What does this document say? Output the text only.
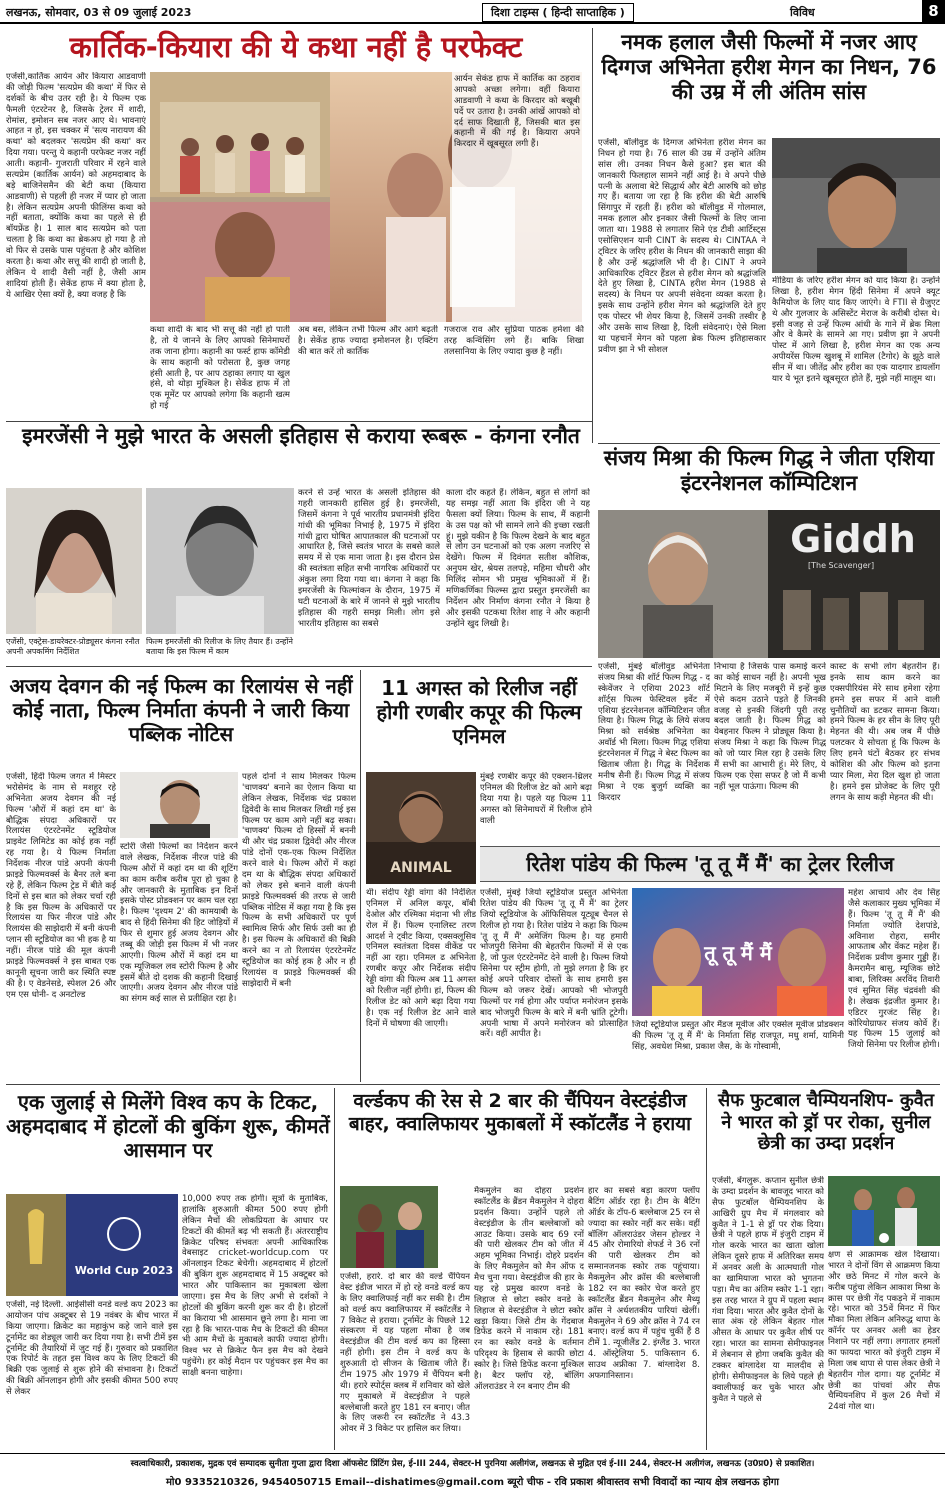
लखनऊ, सोमवार, 03 से 09 जुलाई 2023	दिशा टाइम्स ( हिन्दी साप्ताहिक )	विविध	8
कार्तिक-कियारा की ये कथा नहीं है परफेक्ट
एजेंसी,कार्तिक आर्यन और कियारा आडवाणी की जोड़ी फिल्म 'सत्यप्रेम की कथा' में फिर से दर्शकों के बीच उतर रही है। ये फिल्म एक फैमली एंटरटेनर है, जिसके ट्रेलर में शादी, रोमांस, इमोशन सब नजर आए थे। भावनाएं आहत न हो, इस चक्कर में 'सत्य नारायण की कथा' को बदलकर 'सत्यप्रेम की कथा' कर दिया गया। परन्तु ये कहानी परफेक्ट नजर नहीं आती। कहानी- गुजराती परिवार में रहने वाले सत्यप्रेम (कार्तिक आर्यन) को अहमदाबाद के बड़े बाजिनेसमैन की बेटी कथा (कियारा आडवाणी) से पहली ही नजर में प्यार हो जाता है। लेकिन सत्यप्रेम अपनी फीलिंग्स कथा को नहीं बताता, क्योंकि कथा का पहले से ही बॉयफ्रेंड है। 1 साल बाद सत्यप्रेम को पता चलता है कि कथा का ब्रेकअप हो गया है तो वो फिर से उसके पास पहुंचता है और कोशिश करता है। कथा और सत्तू की शादी हो जाती है, लेकिन ये शादी वैसी नहीं है, जैसी आम शादियां होती हैं। सेकेंड हाफ में क्या होता है, ये आखिर ऐसा क्यों है, क्या वजह है कि
कथा शादी के बाद भी सत्तू की नहीं हो पाती है, तो ये जानने के लिए आपको सिनेमाघरों तक जाना होगा। कहानी का फर्स्ट हाफ कॉमेडी के साथ कहानी को परोसता है, कुछ जगह हंसी आती है, पर आप ठहाका लगाए या खुल हंसे, वो थोड़ा मुश्किल है। सेकेंड हाफ में तो एक मूमेंट पर आपको लगेगा कि कहानी खत्म हो गई
अब बस, लेकिन तभी फिल्म और आगे बढ़ती है। सेकेंड हाफ ज्यादा इमोशनल है। एक्टिंग की बात करें तो कार्तिक
आर्यन सेकंड हाफ में कार्तिक का ठहराव आपको अच्छा लगेगा। वहीं कियारा आडवाणी ने कथा के किरदार को बखूबी पर्दे पर उतारा है। उनकी आंखें आपको वो दर्द साफ दिखाती हैं, जिसकी बात इस कहानी में की गई है। कियारा अपने किरदार में खूबसूरत लगी हैं।
गजराज राव और सुप्रिया पाठक हमेशा की तरह कन्विंसिंग लगे हैं। बाकि शिखा तलसानिया के लिए ज्यादा कुछ है नहीं।
नमक हलाल जैसी फिल्मों में नजर आए दिग्गज अभिनेता हरीश मेगन का निधन, 76 की उम्र में ली अंतिम सांस
एजेंसी, बॉलीवुड के दिग्गज अभिनेता हरीश मेगन का निधन हो गया है। 76 साल की उम्र में उन्होंने अंतिम सांस ली। उनका निधन कैसे हुआ? इस बात की जानकारी फिलहाल सामने नहीं आई है। वे अपने पीछे पत्नी के अलावा बेटे सिद्धार्थ और बेटी आरुषि को छोड़ गए हैं। बताया जा रहा है कि हरीश की बेटी आरुषि सिंगापुर में रहती हैं। हरीश को बॉलीवुड में गोलमाल, नमक हलाल और इनकार जैसी फिल्मों के लिए जाना जाता था। 1988 से लगातार सिने एंड टीवी आर्टिस्ट्स एसोसिएशन यानी CINT के सदस्य थे। CINTAA ने ट्विटर के जरिए हरीश के निधन की जानकारी साझा की है और उन्हें श्रद्धांजलि भी दी है। CINT ने अपने आधिकारिक ट्विटर हैंडल से हरीश मेगन को श्रद्धांजलि देते हुए लिखा है, CINTA हरीश मेगन (1988 से सदस्य) के निधन पर अपनी संवेदना व्यक्त करता है। इसके साथ उन्होंने हरीश मेगन को श्रद्धांजलि देते हुए एक पोस्टर भी शेयर किया है, जिसमें उनकी तस्वीर है और उसके साथ लिखा है, दिली संवेदनाएं। ऐसे मिला था पहचानें मेगन को पहला ब्रेक फिल्म इतिहासकार प्रवीण झा ने भी सोशल
मीडिया के जरिए हरीश मेगन को याद किया है। उन्होंने लिखा है, हरीश मेगन हिंदी सिनेमा में अपने क्यूट कैमियोज के लिए याद किए जाएंगे। वे FTII से ग्रैजुएट थे और गुलजार के असिस्टेंट मेराज के करीबी दोस्त थे। इसी वजह से उन्हें फिल्म आंधी के गाने में ब्रेक मिला और वे कैमरे के सामने आ गए। प्रवीण झा ने अपनी पोस्ट में आगे लिखा है, हरीश मेगन का एक अन्य अपीयरेंस फिल्म खुशबू में शामिल (टैगोर) के झूठे वाले सीन में था। जीतेंद्र और हरीश का एक यादगार डायलॉग यार ये भूत इतने खूबसूरत होते हैं, मुझे नहीं मालूम था।
इमरजेंसी ने मुझे भारत के असली इतिहास से कराया रूबरू - कंगना रनौत
एजेंसी, एक्ट्रेस-डायरेक्टर-प्रोड्यूसर कंगना रनौत अपनी अपकमिंग निर्देशित
फिल्म इमरजेंसी की रिलीज के लिए तैयार हैं। उन्होंने बताया कि इस फिल्म में काम
करने से उन्हें भारत के असली इतिहास की गहरी जानकारी हासिल हुई है। इमरजेंसी, जिसमें कंगना ने पूर्व भारतीय प्रधानमंत्री इंदिरा गांधी की भूमिका निभाई है, 1975 में इंदिरा गांधी द्वारा घोषित आपातकाल की घटनाओं पर आधारित है, जिसे स्वतंत्र भारत के सबसे काले समय में से एक माना जाता है। इस दौरान प्रेस की स्वतंत्रता सहित सभी नागरिक अधिकारों पर अंकुश लगा दिया गया था। कंगना ने कहा कि इमरजेंसी के फिल्मांकन के दौरान, 1975 में घटी घटनाओं के बारे में जानने से मुझे भारतीय इतिहास की गहरी समझ मिली। लोग इसे भारतीय इतिहास का सबसे
काला दौर कहते हैं। लेकिन, बहुत से लोगों को यह समझ नहीं आता कि इंदिरा जी ने यह फैसला क्यों लिया। फिल्म के साथ, मैं कहानी के उस पक्ष को भी सामने लाने की इच्छा रखती हूं। मुझे यकीन है कि फिल्म देखने के बाद बहुत से लोग उन घटनाओं को एक अलग नजरिए से देखेंगे। फिल्म में दिवंगत सतीश कौशिक, अनुपम खेर, श्रेयस तलपड़े, महिमा चौधरी और मिलिंद सोमन भी प्रमुख भूमिकाओं में हैं। मणिकर्णिका फिल्म्स द्वारा प्रस्तुत इमरजेंसी का निर्देशन और निर्माण कंगना रनौत ने किया है और इसकी पटकथा रितेश शाह ने और कहानी उन्होंने खुद लिखी है।
संजय मिश्रा की फिल्म गिद्ध ने जीता एशिया इंटरनेशनल कॉम्पिटिशन
Giddh
[The Scavenger]
एजेंसी, मुंबई बॉलीवुड अभिनेता संजय मिश्रा की शॉर्ट फिल्म गिद्ध - द स्केवेंजर ने एशिया 2023 शॉर्ट शॉर्ट्स फिल्म फेस्टिवल इवेंट में एशिया इंटरनेशनल कॉम्पिटिशन जीत लिया है। फिल्म गिद्ध के लिये संजय मिश्रा को सर्वश्रेष्ठ अभिनेता का अवॉर्ड भी मिला। फिल्म गिद्ध एशिया इंटरनेशनल में गिद्ध ने बेस्ट फिल्म का खिताब जीता है। गिद्ध के निर्देशक मनीष सैनी हैं। फिल्म गिद्ध में संजय मिश्रा ने एक बुजुर्ग व्यक्ति का किरदार
निभाया है जिसके पास कमाई करने का कोई साधन नहीं है। अपनी भूख मिटाने के लिए मजबूरी में इन्हें कुछ ऐसे कदम उठाने पड़ते हैं जिनकी वजह से इनकी जिंदगी पूरी तरह बदल जाती है। फिल्म गिद्ध को येबहनार फिल्म ने प्रोड्यूस किया है। संजय मिश्रा ने कहा कि फिल्म गिद्ध को जो प्यार मिल रहा है उसके लिए मैं सभी का आभारी हूं। मेरे लिए, ये फिल्म एक ऐसा सफर है जो मैं कभी नहीं भूल पाऊंगा। फिल्म की
कास्ट के सभी लोग बेहतरीन हैं। इनके साथ काम करने का एक्सपीरियंस मेरे साथ हमेशा रहेगा हमने इस सफर में आने वाली चुनौतियों का डटकर सामना किया। हमने फिल्म के हर सीन के लिए पूरी मेहनत की थी। अब जब मैं पीछे पलटकर ये सोचता हूं कि फिल्म के लिए हमने घंटों बैठकर हर संभव कोशिश की और फिल्म को इतना प्यार मिला, मेरा दिल खुश हो जाता है। हमने इस प्रोजेक्ट के लिए पूरी लगन के साथ कड़ी मेहनत की थी।
अजय देवगन की नई फिल्म का रिलायंस से नहीं कोई नाता, फिल्म निर्माता कंपनी ने जारी किया पब्लिक नोटिस
एजेंसी, हिंदी फिल्म जगत में मिस्टर भरोसेमंद के नाम से मशहूर रहे अभिनेता अजय देवगन की नई फिल्म 'औरों में कहां दम था' के बौद्धिक संपदा अधिकारों पर रिलायंस एंटरटेनमेंट स्टूडियोज प्राइवेट लिमिटेड का कोई हक नहीं रह गया है। ये फिल्म निर्माता निर्देशक नीरज पांडे अपनी कंपनी फ्राइडे फिल्मवर्क्स के बैनर तले बना रहे हैं, लेकिन फिल्म ट्रेड में बीते कई दिनों से इस बात को लेकर चर्चा रही है कि इस फिल्म के अधिकारों पर रिलायंस या फिर नीरज पांडे और रिलायंस की साझेदारी में बनी कंपनी प्लान सी स्टूडियोज का भी हक है या नहीं। नीरज पांडे की मूल कंपनी फ्राइडे फिल्मवर्क्स ने इस बाबत एक कानूनी सूचना जारी कर स्थिति स्पष्ट की है। ए वेडनेसडे, स्पेशल 26 और एम एस धोनी- द अनटोल्ड
स्टोरी जैसी फिल्मों का निर्देशन करने वाले लेखक, निर्देशक नीरज पांडे की फिल्म औरों में कहां दम था की शूटिंग का काम करीब करीब पूरा हो चुका है और जानकारी के मुताबिक इन दिनों इसके पोस्ट प्रोडक्शन पर काम चल रहा है। फिल्म 'दृश्यम 2' की कामयाबी के बाद से हिंदी सिनेमा की हिट जोड़ियों में फिर से शुमार हुई अजय देवगन और तब्बू की जोड़ी इस फिल्म में भी नजर आएगी। फिल्म औरों में कहां दम था एक म्यूजिकल लव स्टोरी फिल्म है और इसमें बीते दो दशक की कहानी दिखाई जाएगी। अजय देवगन और नीरज पांडे का संगम कई साल से प्रतीक्षित रहा है।
पहले दोनों ने साथ मिलकर फिल्म 'चाणक्य' बनाने का ऐलान किया था लेकिन लेखक, निर्देशक चंद्र प्रकाश द्विवेदी के साथ मिलकर लिखी गई इस फिल्म पर काम आगे नहीं बढ़ सका। 'चाणक्य' फिल्म दो हिस्सों में बननी थी और चंद्र प्रकाश द्विवेदी और नीरज पांडे दोनों एक-एक फिल्म निर्देशित करने वाले थे। फिल्म औरों में कहां दम था के बौद्धिक संपदा अधिकारों को लेकर इसे बनाने वाली कंपनी फ्राइडे फिल्मवर्क्स की तरफ से जारी पब्लिक नोटिस में कहा गया है कि इस फिल्म के सभी अधिकारों पर पूर्ण स्वामित्व सिर्फ और सिर्फ उसी का ही है। इस फिल्म के अधिकारों की बिक्री करने का न तो रिलायंस एंटरटेनमेंट स्टूडियोज का कोई हक है और न ही रिलायंस व फ्राइडे फिल्मवर्क्स की साझेदारी में बनी
11 अगस्त को रिलीज नहीं होगी रणबीर कपूर की फिल्म एनिमल
ANIMAL
मुंबई रणबीर कपूर की एक्शन-थ्रिलर एनिमल की रिलीज डेट को आगे बढ़ा दिया गया है। पहले यह फिल्म 11 अगस्त को सिनेमाघरों में रिलीज होने वाली
थी। संदीप रेड्डी वांगा की निर्देशित एनिमल में अनिल कपूर, बॉबी देओल और रश्मिका मंदाना भी लीड रोल में हैं। फिल्म एनालिस्ट तरण आदर्श ने ट्वीट किया, एक्सक्लूसिव एनिमल स्वतंत्रता दिवस वीकेंड पर नहीं आ रहा। एनिमल ढ अभिनेता रणबीर कपूर और निर्देशक संदीप रेड्डी वांगा की फिल्म अब 11 अगस्त को रिलीज नहीं होगी। हां, फिल्म की रिलीज डेट को आगे बढ़ा दिया गया है। एक नई रिलीज डेट आने वाले दिनों में घोषणा की जाएगी।
रितेश पांडेय की फिल्म 'तू तू मैं मैं' का ट्रेलर रिलीज
एजेंसी, मुंबई जियो स्टूडियोज प्रस्तुत अभिनेता रितेश पांडेय की फिल्म 'तू तू मैं मैं' का ट्रेलर जियो स्टूडियोज के ऑफिसियल यूट्यूब चैनल से रिलीज हो गया है। रितेश पांडेय ने कहा कि फिल्म 'तू तू मैं मैं' अमेजिंग फिल्म है। यह हमारी भोजपुरी सिनेमा की बेहतरीन फिल्मों में से एक है, जो फुल एंटरटेनमेंट देने वाली है। फिल्म जियो सिनेमा पर स्ट्रीम होगी, तो मुझे लगता है कि हर कोई अपने परिवार दोस्तों के साथ हमारी इस फिल्म को जरूर देखें। आपको भी भोजपुरी फिल्मों पर गर्व होगा और पर्याप्त मनोरंजन इसके बाद भोजपुरी फिल्म के बारे में बनी भ्रांति टूटेगी। अपनी भाषा में अपने मनोरंजन को प्रोत्साहित करें। वहीं आपीत है।
तू तू मैं मैं
जियो स्टूडियोज प्रस्तुत और मैंडज मूवीज और एक्सेल मूवीज प्रोडक्शन की फिल्म 'तू तू मैं मैं' के निर्माता सिंह राजपूत, मधु शर्मा, यामिनी सिंह, अवधेश मिश्रा, प्रकाश जैस, के के गोस्वामी,
महेश आचार्य और देव सिंह जैसे कलाकार मुख्य भूमिका में हैं। फिल्म 'तू तू मैं मैं' की निर्माता ज्योति देशपांडे, अविनाश रोहरा, समीर आफताब और वेंकट महेश हैं। निर्देशक प्रवीण कुमार गुड्डी हैं। कैमरामैन बासु, म्यूजिक छोटे बाबा, लिरिक्स अरविंद तिवारी एवं सुमित सिंह चंद्रवंशी की है। लेखक इंद्रजीत कुमार है। एडिटर गुरजंट सिंह है। कोरियोग्राफर संजय कोर्वे हैं। यह फिल्म 15 जुलाई को जियो सिनेमा पर रिलीज होगी।
एक जुलाई से मिलेंगे विश्व कप के टिकट, अहमदाबाद में होटलों की बुकिंग शुरू, कीमतें आसमान पर
World Cup 2023
एजेंसी, नई दिल्ली. आईसीसी वनडे वर्ल्ड कप 2023 का आयोजन पांच अक्टूबर से 19 नवंबर के बीच भारत में किया जाएगा। क्रिकेट का महाकुंभ कहे जाने वाले इस टूर्नामेंट का शेड्यूल जारी कर दिया गया है। सभी टीमें इस टूर्नामेंट की तैयारियों में जुट गई हैं। गुरुवार को प्रकाशित एक रिपोर्ट के तहत इस विश्व कप के लिए टिकटों की बिक्री एक जुलाई से शुरू होने की संभावना है। टिकटों की बिक्री ऑनलाइन होगी और इसकी कीमत 500 रुपए से लेकर
10,000 रुपए तक होगी। सूत्रों के मुताबिक, हालांकि शुरुआती कीमत 500 रुपए होगी लेकिन मैचों की लोकप्रियता के आधार पर टिकटों की कीमतें बढ़ भी सकती हैं। अंतरराष्ट्रीय क्रिकेट परिषद संभवतः अपनी आधिकारिक वेबसाइट cricket-worldcup.com पर ऑनलाइन टिकट बेचेगी। अहमदाबाद में होटलों की बुकिंग शुरू अहमदाबाद में 15 अक्टूबर को भारत और पाकिस्तान का मुकाबला खेला जाएगा। इस मैच के लिए अभी से दर्शकों ने होटलों की बुकिंग करनी शुरू कर दी है। होटलों का किराया भी आसमान छूने लगा है। माना जा रहा है कि भारत-पाक मैच के टिकटों की कीमत भी आम मैचों के मुकाबले काफी ज्यादा होगी। विश्व भर से क्रिकेट फैन इस मैच को देखने पहुंचेंगे। हर कोई मैदान पर पहुंचकर इस मैच का साक्षी बनना चाहेगा।
वर्ल्डकप की रेस से 2 बार की चैंपियन वेस्टइंडीज बाहर, क्वालिफायर मुकाबलों में स्कॉटलैंड ने हराया
एजेंसी, हरारे. दो बार की वर्ल्ड चैंपियन वेस्ट इंडीज भारत में हो रहे वनडे वर्ल्ड कप के लिए क्वालिफाई नहीं कर सकी है। टीम को वर्ल्ड कप क्वालिफायर में स्कॉटलैंड ने 7 विकेट से हराया। टूर्नामेंट के पिछले 12 संस्करण में यह पहला मौका है जब वेस्टइंडीज की टीम वर्ल्ड कप का हिस्सा नहीं होगी। इस टीम ने वर्ल्ड कप के शुरुआती दो सीजन के खिताब जीते हैं। टीम 1975 और 1979 में चैंपियन बनी थी। हरारे स्पोर्ट्स क्लब में शनिवार को खेले गए मुकाबले में वेस्टइंडीज ने पहले बल्लेबाजी करते हुए 181 रन बनाए। जीत के लिए जरूरी रन स्कॉटलैंड ने 43.3 ओवर में 3 विकेट पर हासिल कर लिया।
मैकमुलेन का दोहरा प्रदर्शन स्कॉटलैंड के ब्रैंडन मैकमुलेन ने दोहरा प्रदर्शन किया। उन्होंने पहले तो वेस्टइंडीज के तीन बल्लेबाजों को आउट किया। उसके बाद 69 रनों की पारी खेलकर टीम को जीत में अहम भूमिका निभाई। दोहरे प्रदर्शन के लिए मैकमुलेन को मैन ऑफ द मैच चुना गया। वेस्टइंडीज की हार के यह रहे प्रमुख कारण वनडे के लिहाज से छोटा स्कोर वनडे के लिहाज से वेस्टइंडीज ने छोटा स्कोर खड़ा किया। जिसे टीम के गेंदबाज डिफेंड करने में नाकाम रहे। 181 रन का स्कोर वनडे के वर्तमान परिदृश्य के हिसाब से काफी छोटा स्कोर है। जिसे डिफेंड करना मुश्किल है। बैटर फ्लॉप रहे, बॉलिंग ऑलराउंडर ने रन बनाए टीम की
हार का सबसे बड़ा कारण फ्लॉप बैटिंग ऑर्डर रहा है। टीम के बैटिंग ऑर्डर के टॉप-6 बल्लेबाज 25 रन से ज्यादा का स्कोर नहीं कर सके। वहीं बॉलिंग ऑलराउंडर जेसन होल्डर ने 45 और रोमारियो शेफर्ड ने 36 रनों की पारी खेलकर टीम को सम्मानजनक स्कोर तक पहुंचाया। मैकमुलेन और क्रॉस की बल्लेबाजी 182 रन का स्कोर चेज करते हुए स्कॉटलैंड ब्रैंडन मैकमुलेन और मैथ्यू क्रॉस ने अर्धशतकीय पारियां खेलीं। मैकमुलेन ने 69 और क्रॉस ने 74 रन बनाए। वर्ल्ड कप में पहुंच चुकीं हैं 8 टीमें 1. न्यूजीलैंड 2. इंग्लैंड 3. भारत 4. ऑस्ट्रेलिया 5. पाकिस्तान 6. साउथ अफ्रीका 7. बांग्लादेश 8. अफगानिस्तान।
सैफ फुटबाल चैम्पियनशिप- कुवैत ने भारत को ड्रॉ पर रोका, सुनील छेत्री का उम्दा प्रदर्शन
एजेंसी, बेंगलुरू. कप्तान सुनील छेत्री के उम्दा प्रदर्शन के बावजूद भारत को सैफ फुटबॉल चैम्पियनशिप के आखिरी ग्रुप मैच में मंगलवार को कुवैत ने 1-1 से ड्रॉ पर रोक दिया। छेत्री ने पहले हाफ में इंजुरी टाइम में गोल करके भारत का खाता खोला लेकिन दूसरे हाफ में अतिरिक्त समय में अनवर अली के आत्मघाती गोल का खामियाजा भारत को भुगतना पड़ा। मैच का अंतिम स्कोर 1-1 रहा। इस तरह भारत ने ग्रुप में पहला स्थान गंवा दिया। भारत और कुवैत दोनों के सात अंक रहे लेकिन बेहतर गोल औसत के आधार पर कुवैत शीर्ष पर रहा। भारत का सामना सेमीफाइनल में लेबनान से होगा जबकि कुवैत की टक्कर बांग्लादेश या मालदीव से होगी। सेमीफाइनल के लिये पहले ही क्वालीफाई कर चुके भारत और कुवैत ने पहले से
क्षण से आक्रामक खेल दिखाया। भारत ने दोनों विंग से आक्रमण किया और छठे मिनट में गोल करने के करीब पहुंचा लेकिन आकाश मिश्रा के क्रास पर छेत्री गेंद पकड़ने में नाकाम रहे। भारत को 35वें मिनट में फिर मौका मिला लेकिन अनिरुद्ध थापा के कॉर्नर पर अनवर अली का हेडर निशाने पर नहीं लगा। लगातार हमलों का फायदा भारत को इंजुरी टाइम में मिला जब थापा से पास लेकर छेत्री ने बेहतरीन गोल दागा। यह टूर्नामेंट में छेत्री का पांचवां और सैफ चैम्पियनशिप में कुल 26 मैचों में 24वां गोल था।
स्वत्वाधिकारी, प्रकाशक, मुद्रक एवं सम्पादक सुनीता गुप्ता द्वारा दिशा ऑफसेट प्रिंटिंग प्रेस, ई-III 244, सेक्टर-H पुरनिया अलीगंज, लखनऊ से मुद्रित एवं ई-III 244, सेक्टर-H अलीगंज, लखनऊ (उ0प्र0) से प्रकाशित।
मो0 9335210326, 9454050715 Email--dishatimes@gmail.com ब्यूरो चीफ - रवि प्रकाश श्रीवास्तव सभी विवादों का न्याय क्षेत्र लखनऊ होगा
